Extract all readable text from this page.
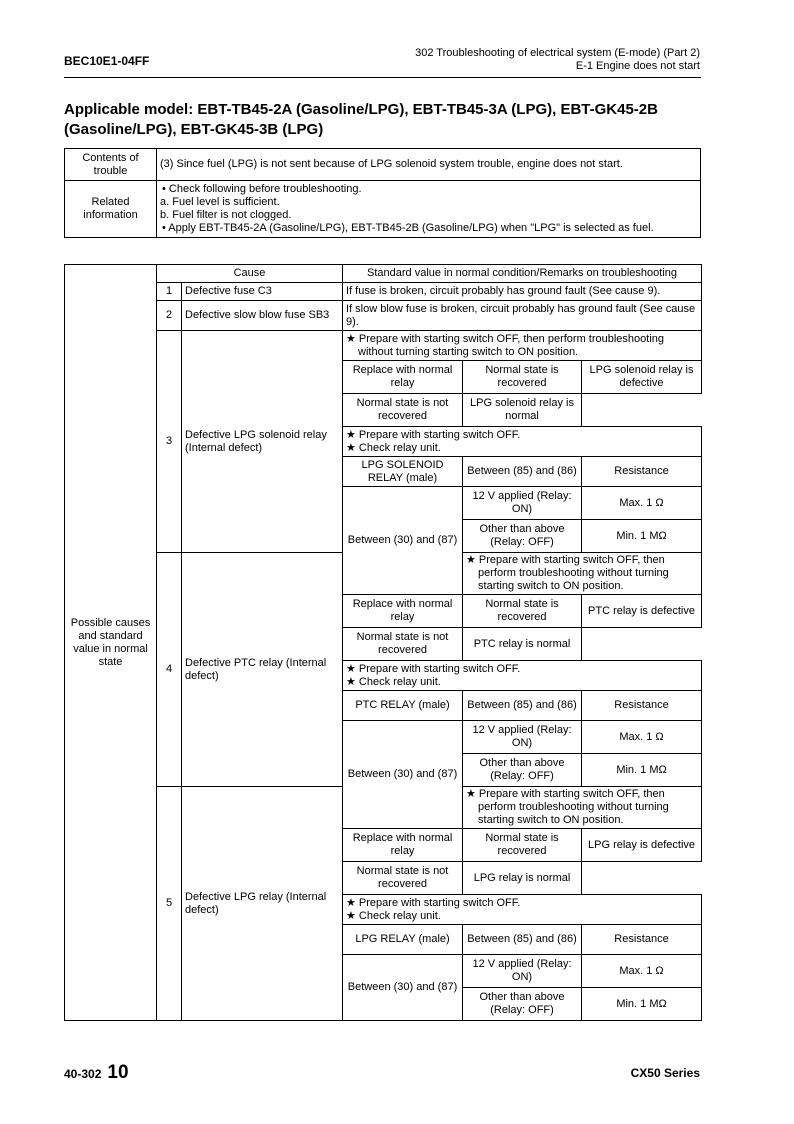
BEC10E1-04FF
302 Troubleshooting of electrical system (E-mode) (Part 2)
E-1 Engine does not start
Applicable model: EBT-TB45-2A (Gasoline/LPG), EBT-TB45-3A (LPG), EBT-GK45-2B (Gasoline/LPG), EBT-GK45-3B (LPG)
Contents of trouble	(3) Since fuel (LPG) is not sent because of LPG solenoid system trouble, engine does not start.
Related information	• Check following before troubleshooting.
a. Fuel level is sufficient.
b. Fuel filter is not clogged.
• Apply EBT-TB45-2A (Gasoline/LPG), EBT-TB45-2B (Gasoline/LPG) when "LPG" is selected as fuel.
Possible causes and standard value in normal state	Cause		Standard value in normal condition/Remarks on troubleshooting		
	1	Defective fuse C3	If fuse is broken, circuit probably has ground fault (See cause 9).		
	2	Defective slow blow fuse SB3	If slow blow fuse is broken, circuit probably has ground fault (See cause 9).		
	3	Defective LPG solenoid relay (Internal defect)	★ Prepare with starting switch OFF, then perform troubleshooting without turning starting switch to ON position.		
			Replace with normal relay	Normal state is recovered	LPG solenoid relay is defective

			Normal state is not recovered	LPG solenoid relay is normal	

			★ Prepare with starting switch OFF.
★ Check relay unit.		

			LPG SOLENOID RELAY (male)	Between (85) and (86)	Resistance
			Between (30) and (87)	12 V applied (Relay: ON)	Max. 1 Ω

				Other than above (Relay: OFF)	Min. 1 MΩ
	4	Defective PTC relay (Internal defect)		★ Prepare with starting switch OFF, then perform troubleshooting without turning starting switch to ON position.	
			Replace with normal relay	Normal state is recovered	PTC relay is defective

			Normal state is not recovered	PTC relay is normal	

			★ Prepare with starting switch OFF.
★ Check relay unit.		

			PTC RELAY (male)	Between (85) and (86)	Resistance
			Between (30) and (87)	12 V applied (Relay: ON)	Max. 1 Ω

				Other than above (Relay: OFF)	Min. 1 MΩ
	5	Defective LPG relay (Internal defect)		★ Prepare with starting switch OFF, then perform troubleshooting without turning starting switch to ON position.	
			Replace with normal relay	Normal state is recovered	LPG relay is defective

			Normal state is not recovered	LPG relay is normal	

			★ Prepare with starting switch OFF.
★ Check relay unit.		

			LPG RELAY (male)	Between (85) and (86)	Resistance
			Between (30) and (87)	12 V applied (Relay: ON)	Max. 1 Ω

				Other than above (Relay: OFF)	Min. 1 MΩ
40-302 10	CX50 Series
